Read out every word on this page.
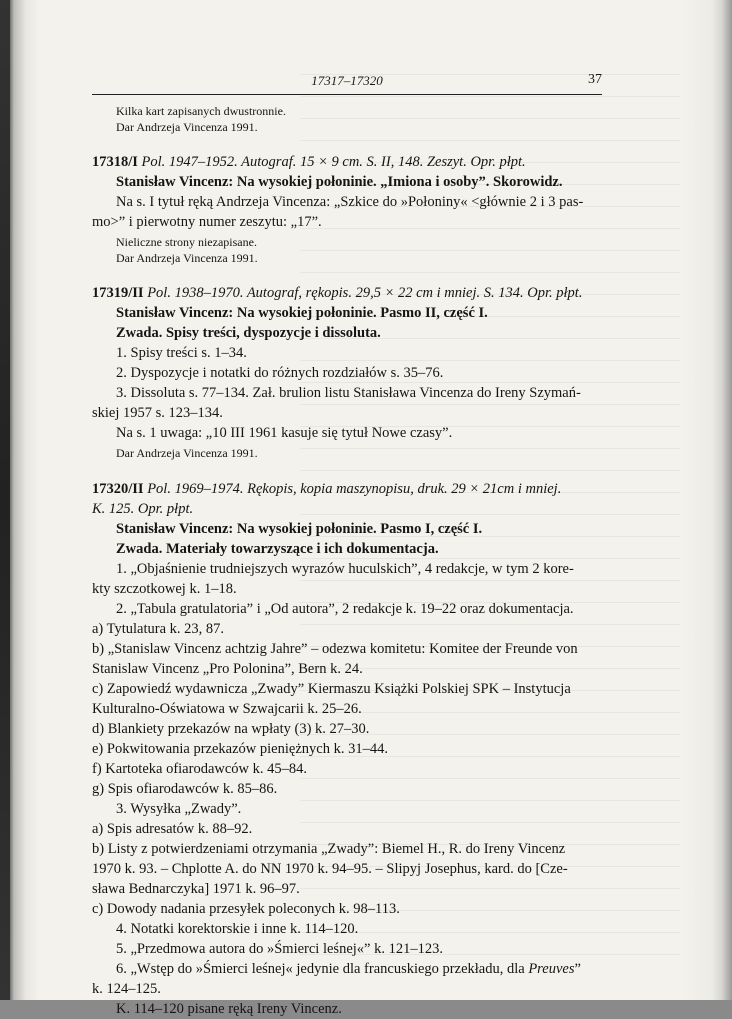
17317–17320	37
Kilka kart zapisanych dwustronnie.
Dar Andrzeja Vincenza 1991.
17318/I Pol. 1947–1952. Autograf. 15 × 9 cm. S. II, 148. Zeszyt. Opr. płpt.
Stanisław Vincenz: Na wysokiej połoninie. „Imiona i osoby”. Skorowidz.
Na s. I tytuł ręką Andrzeja Vincenza: „Szkice do »Połoniny« <głównie 2 i 3 pas-
mo>” i pierwotny numer zeszytu: „17”.
Nieliczne strony niezapisane.
Dar Andrzeja Vincenza 1991.
17319/II Pol. 1938–1970. Autograf, rękopis. 29,5 × 22 cm i mniej. S. 134. Opr. płpt.
Stanisław Vincenz: Na wysokiej połoninie. Pasmo II, część I.
Zwada. Spisy treści, dyspozycje i dissoluta.
1. Spisy treści s. 1–34.
2. Dyspozycje i notatki do różnych rozdziałów s. 35–76.
3. Dissoluta s. 77–134. Zał. brulion listu Stanisława Vincenza do Ireny Szymań-
skiej 1957 s. 123–134.
Na s. 1 uwaga: „10 III 1961 kasuje się tytuł Nowe czasy”.
Dar Andrzeja Vincenza 1991.
17320/II Pol. 1969–1974. Rękopis, kopia maszynopisu, druk. 29 × 21cm i mniej.
K. 125. Opr. płpt.
Stanisław Vincenz: Na wysokiej połoninie. Pasmo I, część I.
Zwada. Materiały towarzyszące i ich dokumentacja.
1. „Objaśnienie trudniejszych wyrazów huculskich”, 4 redakcje, w tym 2 kore-
kty szczotkowej k. 1–18.
2. „Tabula gratulatoria” i „Od autora”, 2 redakcje k. 19–22 oraz dokumentacja.
a) Tytulatura k. 23, 87.
b) „Stanislaw Vincenz achtzig Jahre” – odezwa komitetu: Komitee der Freunde von
Stanislaw Vincenz „Pro Polonina”, Bern k. 24.
c) Zapowiedź wydawnicza „Zwady” Kiermaszu Książki Polskiej SPK – Instytucja
Kulturalno-Oświatowa w Szwajcarii k. 25–26.
d) Blankiety przekazów na wpłaty (3) k. 27–30.
e) Pokwitowania przekazów pieniężnych k. 31–44.
f) Kartoteka ofiarodawców k. 45–84.
g) Spis ofiarodawców k. 85–86.
3. Wysyłka „Zwady”.
a) Spis adresatów k. 88–92.
b) Listy z potwierdzeniami otrzymania „Zwady”: Biemel H., R. do Ireny Vincenz
1970 k. 93. – Chplotte A. do NN 1970 k. 94–95. – Slipyj Josephus, kard. do [Cze-
sława Bednarczyka] 1971 k. 96–97.
c) Dowody nadania przesyłek poleconych k. 98–113.
4. Notatki korektorskie i inne k. 114–120.
5. „Przedmowa autora do »Śmierci leśnej«” k. 121–123.
6. „Wstęp do »Śmierci leśnej« jedynie dla francuskiego przekładu, dla Preuves”
k. 124–125.
K. 114–120 pisane ręką Ireny Vincenz.
